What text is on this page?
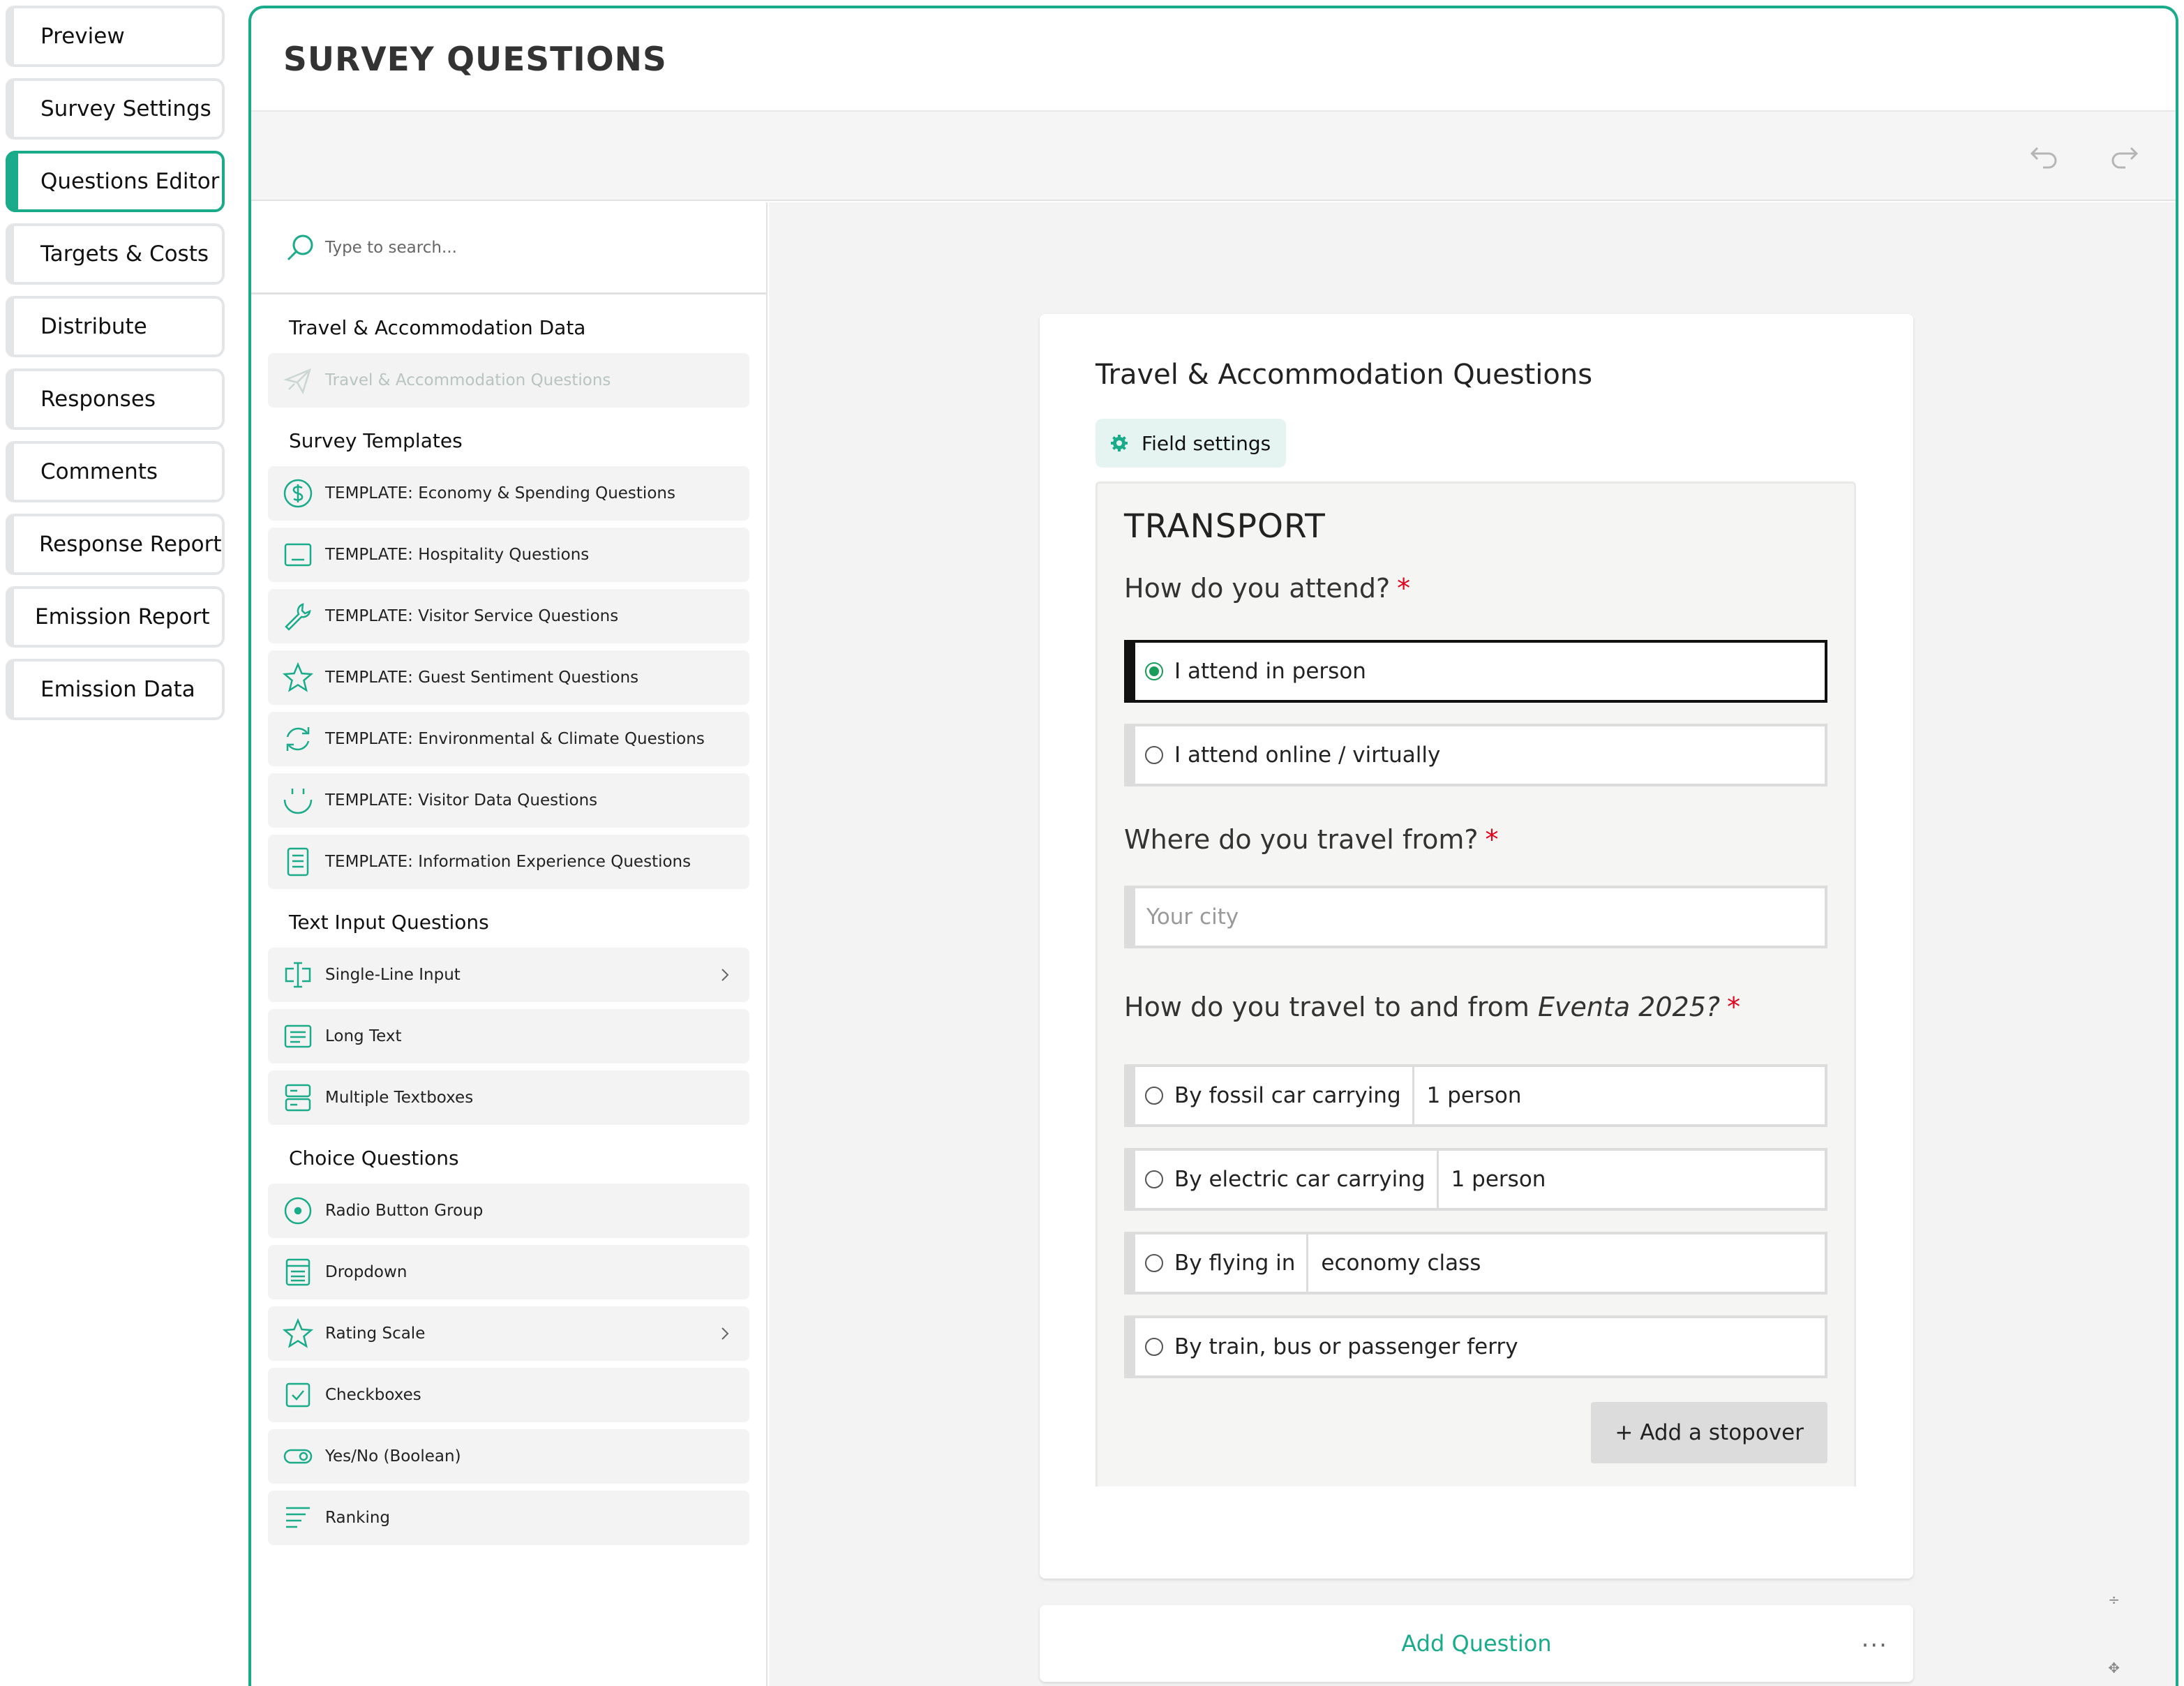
Preview
Survey Settings
Questions Editor
Targets & Costs
Distribute
Responses
Comments
Response Report
Emission Report
Emission Data
SURVEY QUESTIONS
Type to search...
Travel & Accommodation Data
Travel & Accommodation Questions
Survey Templates
TEMPLATE: Economy & Spending Questions
TEMPLATE: Hospitality Questions
TEMPLATE: Visitor Service Questions
TEMPLATE: Guest Sentiment Questions
TEMPLATE: Environmental & Climate Questions
TEMPLATE: Visitor Data Questions
TEMPLATE: Information Experience Questions
Text Input Questions
Single-Line Input
Long Text
Multiple Textboxes
Choice Questions
Radio Button Group
Dropdown
Rating Scale
Checkboxes
Yes/No (Boolean)
Ranking
Travel & Accommodation Questions
Field settings
TRANSPORT
How do you attend? *
I attend in person
I attend online / virtually
Where do you travel from? *
Your city
How do you travel to and from Eventa 2025? *
By fossil car carrying	1 person
By electric car carrying	1 person
By flying in	economy class
By train, bus or passenger ferry
+ Add a stopover
÷
Add Question	···
✥
